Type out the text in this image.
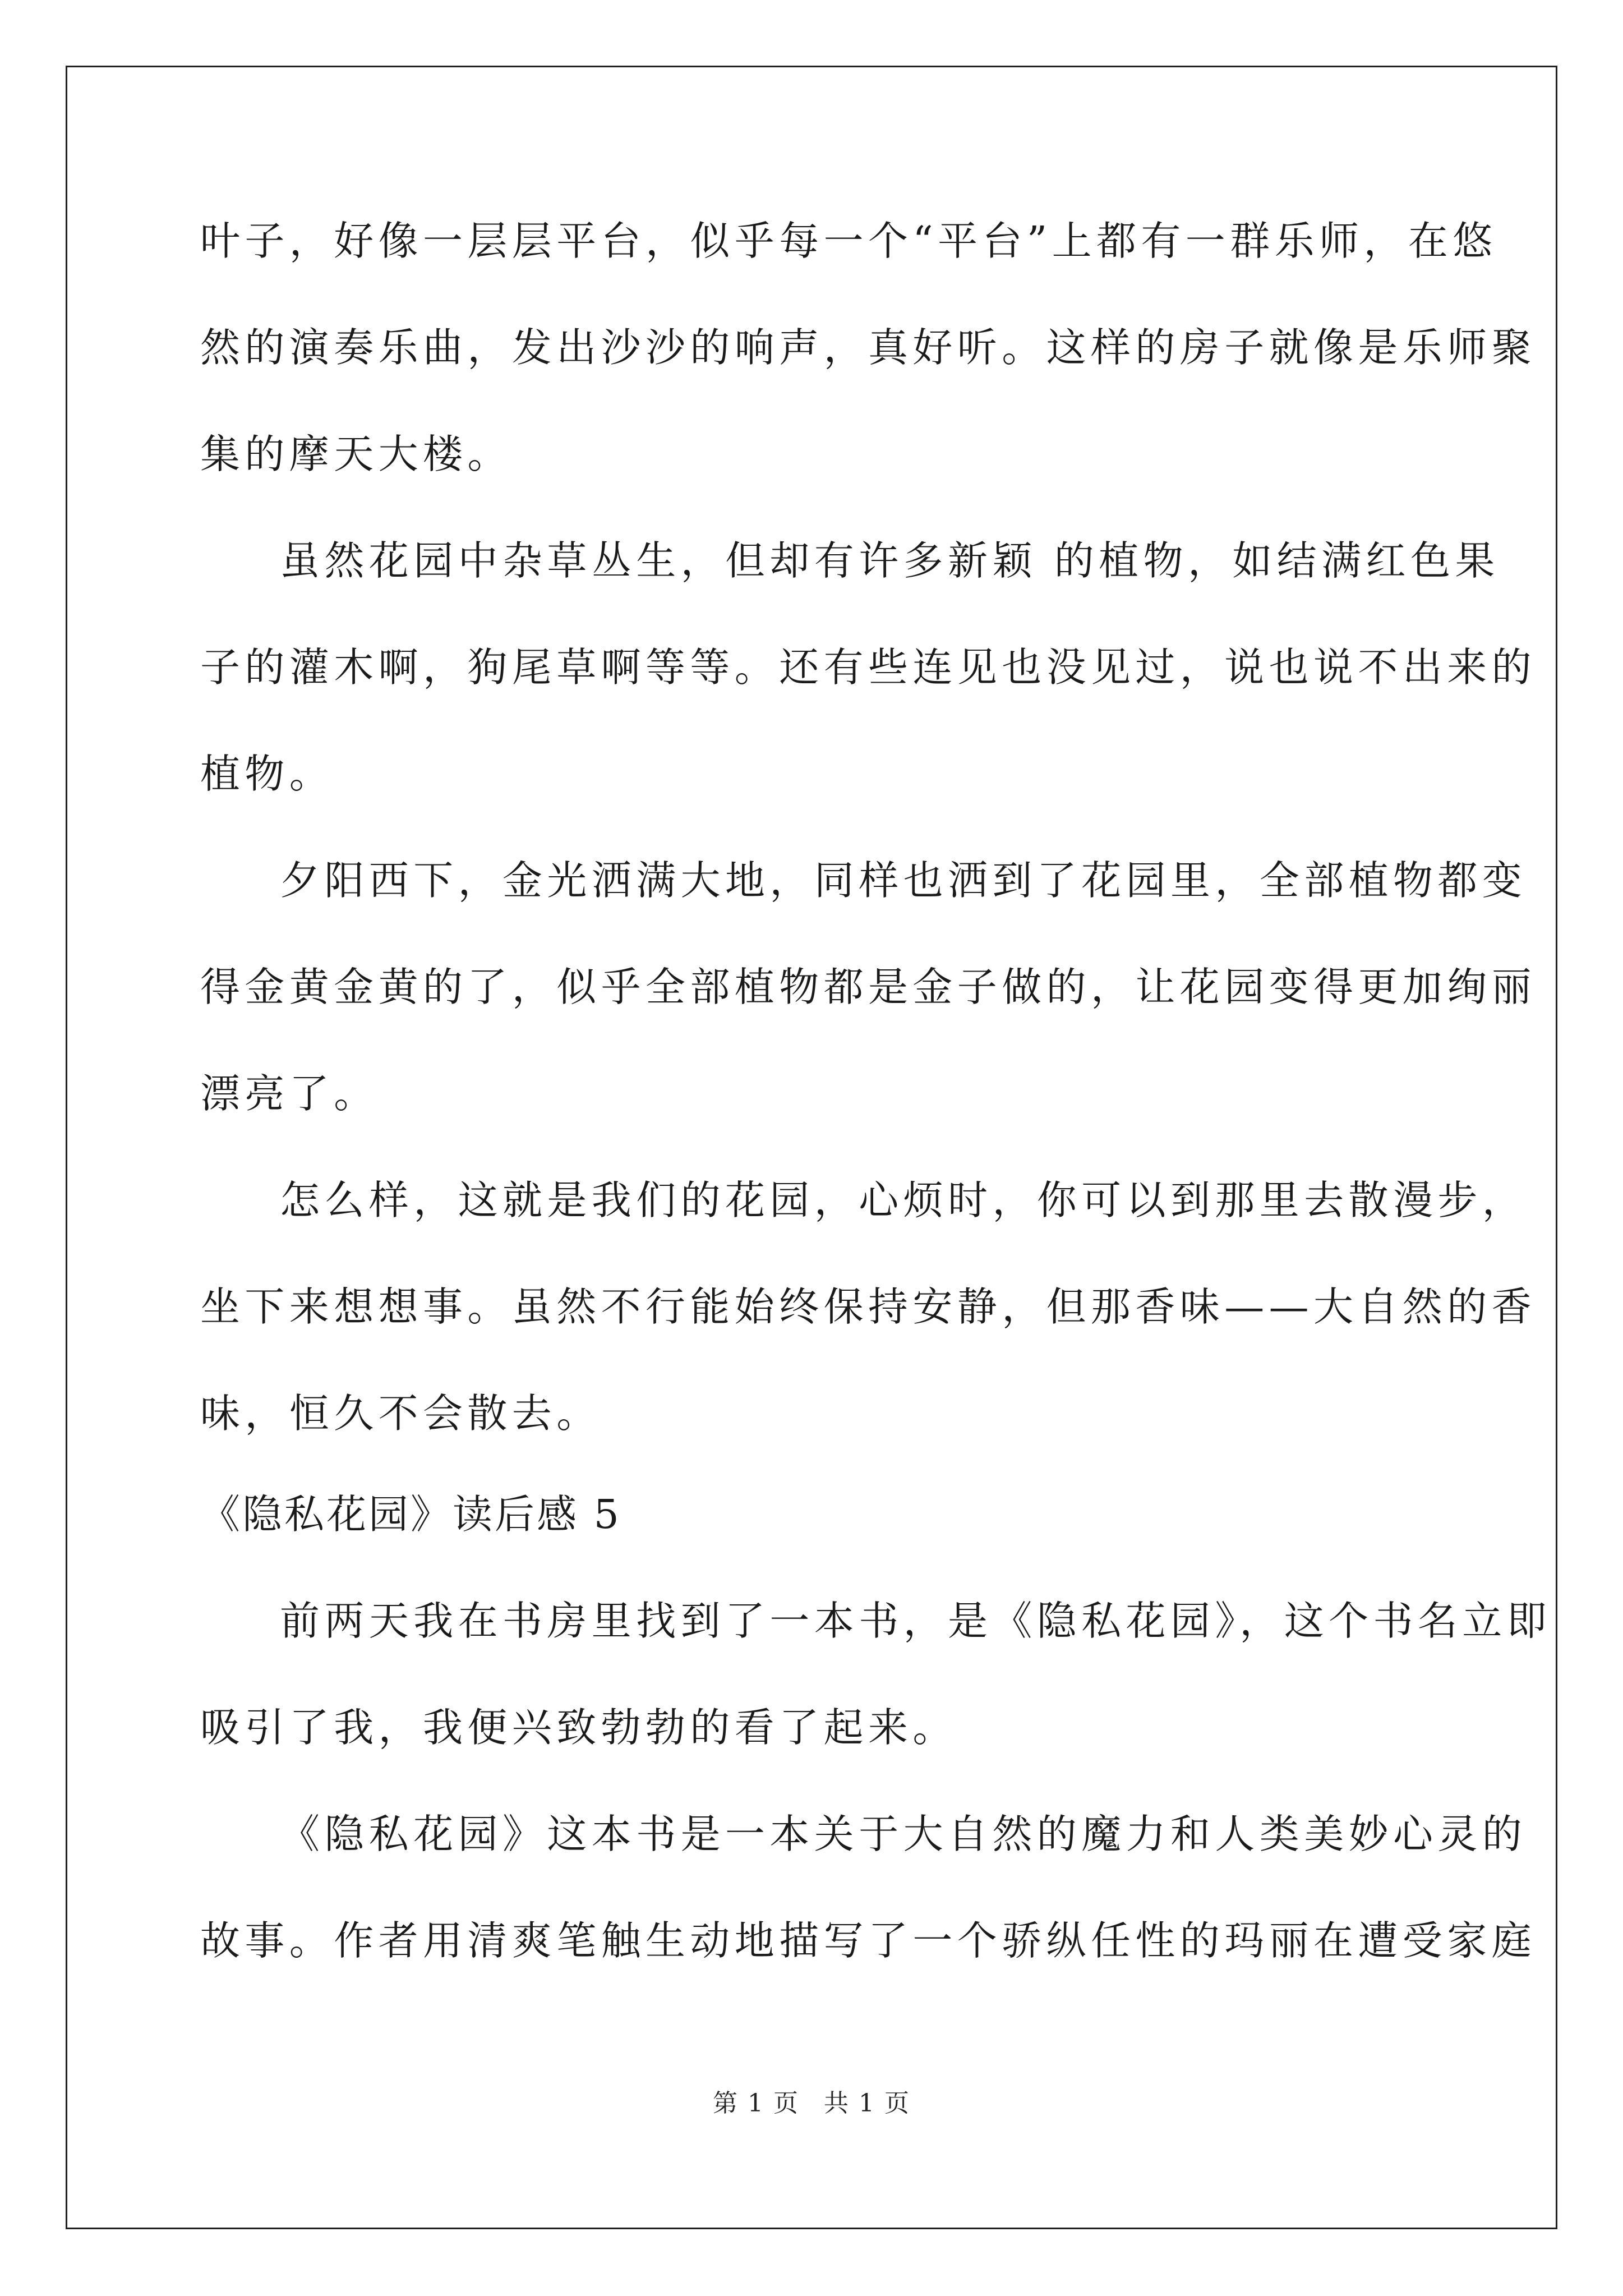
叶子，好像一层层平台，似乎每一个“平台”上都有一群乐师，在悠
然的演奏乐曲，发出沙沙的响声，真好听。这样的房子就像是乐师聚
集的摩天大楼。
虽然花园中杂草丛生，但却有许多新颖 的植物，如结满红色果
子的灌木啊，狗尾草啊等等。还有些连见也没见过，说也说不出来的
植物。
夕阳西下，金光洒满大地，同样也洒到了花园里，全部植物都变
得金黄金黄的了，似乎全部植物都是金子做的，让花园变得更加绚丽
漂亮了。
怎么样，这就是我们的花园，心烦时，你可以到那里去散漫步，
坐下来想想事。虽然不行能始终保持安静，但那香味——大自然的香
味，恒久不会散去。
《隐私花园》读后感 5
前两天我在书房里找到了一本书，是《隐私花园》，这个书名立即
吸引了我，我便兴致勃勃的看了起来。
《隐私花园》这本书是一本关于大自然的魔力和人类美妙心灵的
故事。作者用清爽笔触生动地描写了一个骄纵任性的玛丽在遭受家庭
第 1 页 共 1 页
